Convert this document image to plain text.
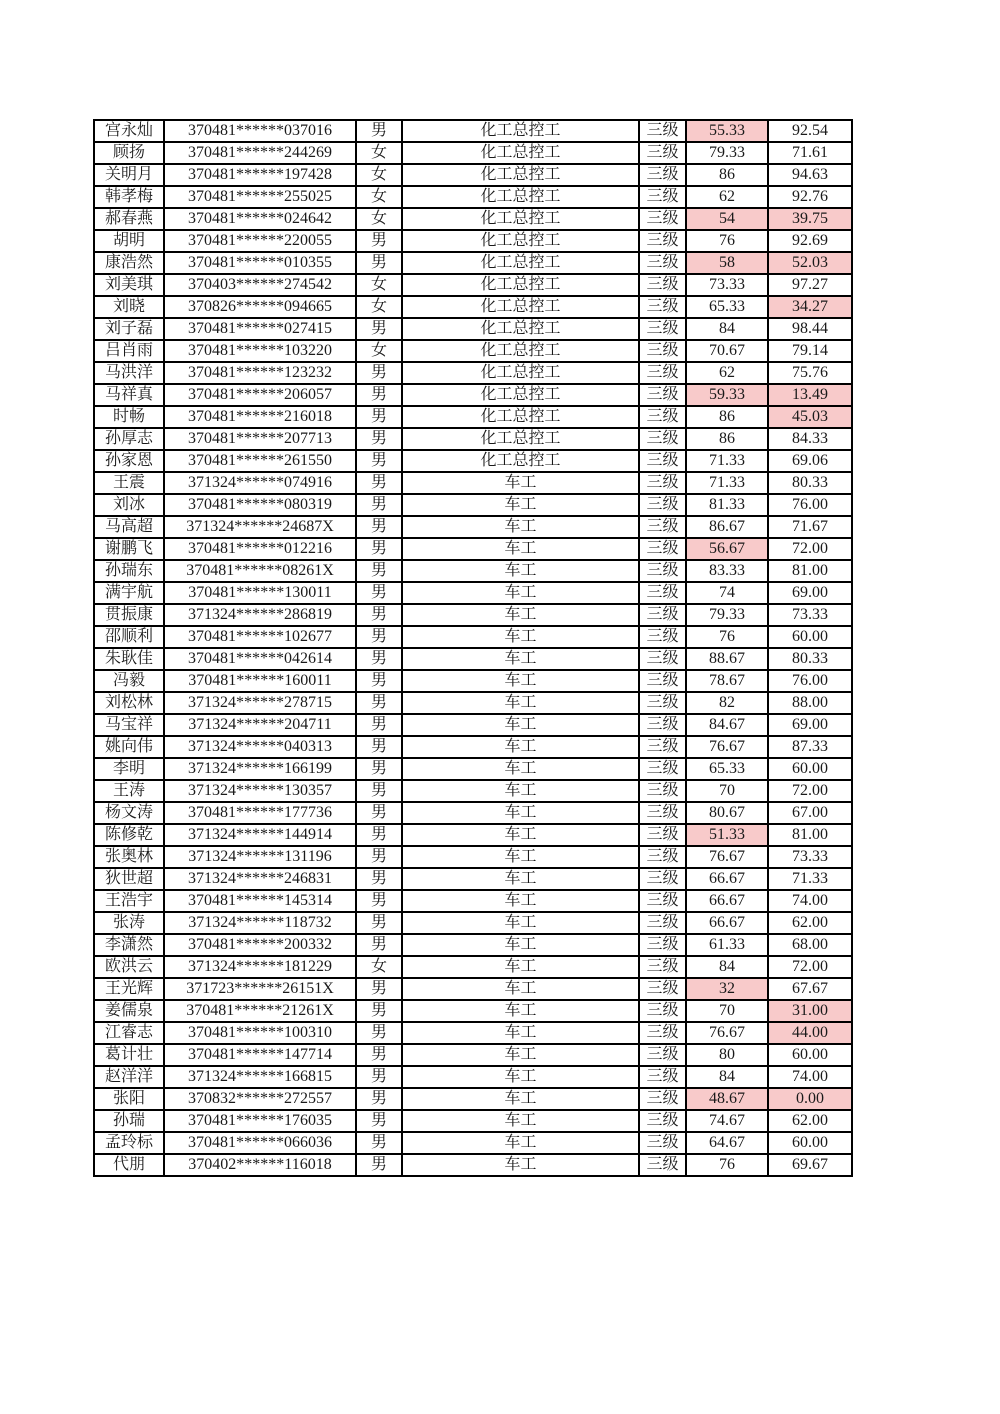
宫永灿	370481******037016	男	化工总控工	三级	55.33	92.54
顾扬	370481******244269	女	化工总控工	三级	79.33	71.61
关明月	370481******197428	女	化工总控工	三级	86	94.63
韩孝梅	370481******255025	女	化工总控工	三级	62	92.76
郝春燕	370481******024642	女	化工总控工	三级	54	39.75
胡明	370481******220055	男	化工总控工	三级	76	92.69
康浩然	370481******010355	男	化工总控工	三级	58	52.03
刘美琪	370403******274542	女	化工总控工	三级	73.33	97.27
刘晓	370826******094665	女	化工总控工	三级	65.33	34.27
刘子磊	370481******027415	男	化工总控工	三级	84	98.44
吕肖雨	370481******103220	女	化工总控工	三级	70.67	79.14
马洪洋	370481******123232	男	化工总控工	三级	62	75.76
马祥真	370481******206057	男	化工总控工	三级	59.33	13.49
时畅	370481******216018	男	化工总控工	三级	86	45.03
孙厚志	370481******207713	男	化工总控工	三级	86	84.33
孙家恩	370481******261550	男	化工总控工	三级	71.33	69.06
王震	371324******074916	男	车工	三级	71.33	80.33
刘冰	370481******080319	男	车工	三级	81.33	76.00
马高超	371324******24687X	男	车工	三级	86.67	71.67
谢鹏飞	370481******012216	男	车工	三级	56.67	72.00
孙瑞东	370481******08261X	男	车工	三级	83.33	81.00
满宇航	370481******130011	男	车工	三级	74	69.00
贯振康	371324******286819	男	车工	三级	79.33	73.33
邵顺利	370481******102677	男	车工	三级	76	60.00
朱耿佳	370481******042614	男	车工	三级	88.67	80.33
冯毅	370481******160011	男	车工	三级	78.67	76.00
刘松林	371324******278715	男	车工	三级	82	88.00
马宝祥	371324******204711	男	车工	三级	84.67	69.00
姚向伟	371324******040313	男	车工	三级	76.67	87.33
李明	371324******166199	男	车工	三级	65.33	60.00
王涛	371324******130357	男	车工	三级	70	72.00
杨文涛	370481******177736	男	车工	三级	80.67	67.00
陈修乾	371324******144914	男	车工	三级	51.33	81.00
张奥林	371324******131196	男	车工	三级	76.67	73.33
狄世超	371324******246831	男	车工	三级	66.67	71.33
王浩宇	370481******145314	男	车工	三级	66.67	74.00
张涛	371324******118732	男	车工	三级	66.67	62.00
李潇然	370481******200332	男	车工	三级	61.33	68.00
欧洪云	371324******181229	女	车工	三级	84	72.00
王光辉	371723******26151X	男	车工	三级	32	67.67
姜儒泉	370481******21261X	男	车工	三级	70	31.00
江睿志	370481******100310	男	车工	三级	76.67	44.00
葛计壮	370481******147714	男	车工	三级	80	60.00
赵洋洋	371324******166815	男	车工	三级	84	74.00
张阳	370832******272557	男	车工	三级	48.67	0.00
孙瑞	370481******176035	男	车工	三级	74.67	62.00
孟玲标	370481******066036	男	车工	三级	64.67	60.00
代朋	370402******116018	男	车工	三级	76	69.67
